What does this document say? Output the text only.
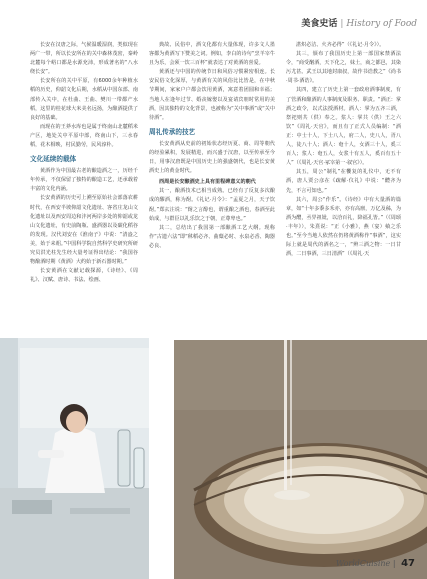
美食史话 | History of Food

长安在汉唐之际，气候温暖湿润，类似现在两广一带，所以长安所在的关中森林茂密，秦岭北麓每个峪口都是水源充沛，形成著名的“八水绕长安”。

长安所在的关中平原，有6000余年种植水稻的历史，仰韶文化后期，水稻从中国东部、南部传入关中，在杜曲、王曲、樊川一带都产水稻，这里的桂花球大米美名远扬，为酿酒提供了良好的基础。

而现在的王莽水库也是属于终南山北麓稻米产区，地处关中平原中部，终南山下，三水春稻，花木相映，村民勤劳，民风淳朴。

文化延续的载体

黄酒作为中国最古老的酿造酒之一，历经千年传承，不仅保留了独特的酿造工艺，还承载着丰富的文化内涵。

长安黄酒的历史可上溯至原始社会部落农耕时代，在西安半坡仰韶文化遗址、客省庄龙山文化遗址以及西安周边和沣河两岸多处的仰韶或龙山文化遗址，有史前陶瓶、盛酒器以及碳化稻谷的发现。汉代刘安在《淮南子》中说：“清盎之美，始于耒耜。”中国科学院自然科学史研究所研究员洪光柱先生经大量考证得出结论：“我国谷物酿酒时期《黄酒》大约始于新石器时期。”

长安黄酒在文献记载探源，《诗经》、《周礼》、汉赋、唐诗、书法、绘画、

典故、民俗中，酒文化都有大量体现，许多文人墨客都为黄酒写下赞美之词。例如，李白的诗句“烹羊宰牛且为乐，会须一饮三百杯”就表达了对黄酒的喜爱。

黄酒还与中国的传统节日和风俗习惯紧密相连。长安民俗文化深厚，与黄酒有关的风俗比比皆是，在中秋节期间，家家户户都会饮用黄酒，寓意着团圆和幸福；当地人在逢年过节、婚丧嫁娶以及宴请宾朋时常用的美酒，因其独特的文化背景，也被称为“关中事酒”或“关中待酒”。

周礼传承的技艺

长安黄酒从史前的初始状态经历夏、商、周等朝代的经验累积，发展精进，而兴盛于汉唐，以至传承至今日，用事汉唐既是中国历史上的强盛朝代，也是长安黄酒史上的黄金时代。

西周是长安酿酒史上具有里程碑意义的朝代

其一，酿酒技术已相当成熟。已经有了反复多次酿成的醪酒，称为酎。《礼记·月令》：“孟夏之月，天子饮酎。”郑玄注说：“酎之言醇也，谓重酿之酒也，春酒至此始成，与群臣以礼乐饮之于朝，正尊卑也。”

其二，总结出了我国第一部酿酒工艺大纲。现称作“古遗六法”即“秫稻必齐、曲蘖必时、水泉必香、陶器必良、

湛炽必洁、火齐必得”（《礼记·月令》）。

其三，颁布了我国历史上第一部国家禁酒法令，“商受酗酒，天下化之，妹土，商之都邑，其染污尤甚。武王以其地封康叔，故作书诰教之”《尚书·周书·酒诰》。

其四，建立了历史上第一套政府酒事制度，有了管酒和酿酒的人事制度及职务、职责。“酒正：掌酒之政令，以式法授酒材。酒人：掌为五齐三酒，祭祀则共（供）奉之。浆人：掌共（供）王之六饮”《周礼·天官》，而且有了正式人员编制：“酒正：中士十人，下士八人，府二人，史八人，胥八人，徒八十人；酒人：奄十人，女酒三十人，奚三百人；浆人：奄五人，女浆十有五人，奚百有五十人”（《周礼·天官·冢宰第一·叙官》）。

其五，周公“制礼”在饗复的礼仪中，无不有酒，唐人贾公彦在《疏解·仪礼》中说：“醴齐为先，不言可知也。”

其六，周公“作乐”。《诗经》中有大量酒的篇章，如“十年多黍多禾亦，亦有高廪，万亿及秭，为酒为醴，丞畀祖妣，以洽百礼，降福孔皆。”（《周颂·丰年》），朱熹说：“正《小雅》，燕（宴）飨之乐也。”至今当地人依然在仍将黄酒称作“事酒”，这实际上就是周代的酒名之一，“辨三酒之物：一日甘酒，二日事酒，三日清酒”（《周礼·天

WorldCuisine | 47
